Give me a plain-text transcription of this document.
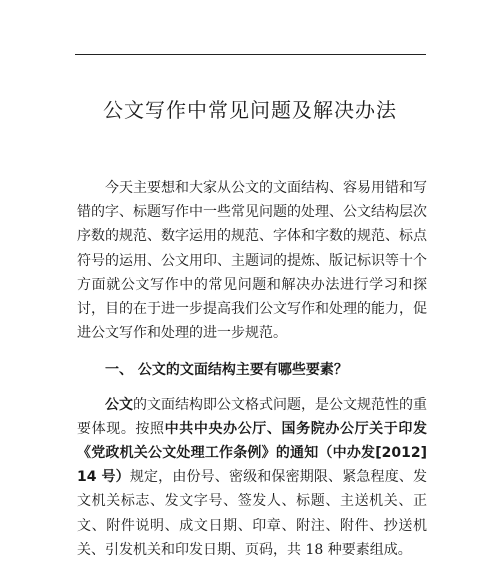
公文写作中常见问题及解决办法

今天主要想和大家从公文的文面结构、容易用错和写错的字、标题写作中一些常见问题的处理、公文结构层次序数的规范、数字运用的规范、字体和字数的规范、标点符号的运用、公文用印、主题词的提炼、版记标识等十个方面就公文写作中的常见问题和解决办法进行学习和探讨，目的在于进一步提高我们公文写作和处理的能力，促进公文写作和处理的进一步规范。

一、 公文的文面结构主要有哪些要素？

公文的文面结构即公文格式问题，是公文规范性的重要体现。按照中共中央办公厅、国务院办公厅关于印发《党政机关公文处理工作条例》的通知（中办发[2012]14 号）规定，由份号、密级和保密期限、紧急程度、发文机关标志、发文字号、签发人、标题、主送机关、正文、附件说明、成文日期、印章、附注、附件、抄送机关、引发机关和印发日期、页码，共 18 种要素组成。
